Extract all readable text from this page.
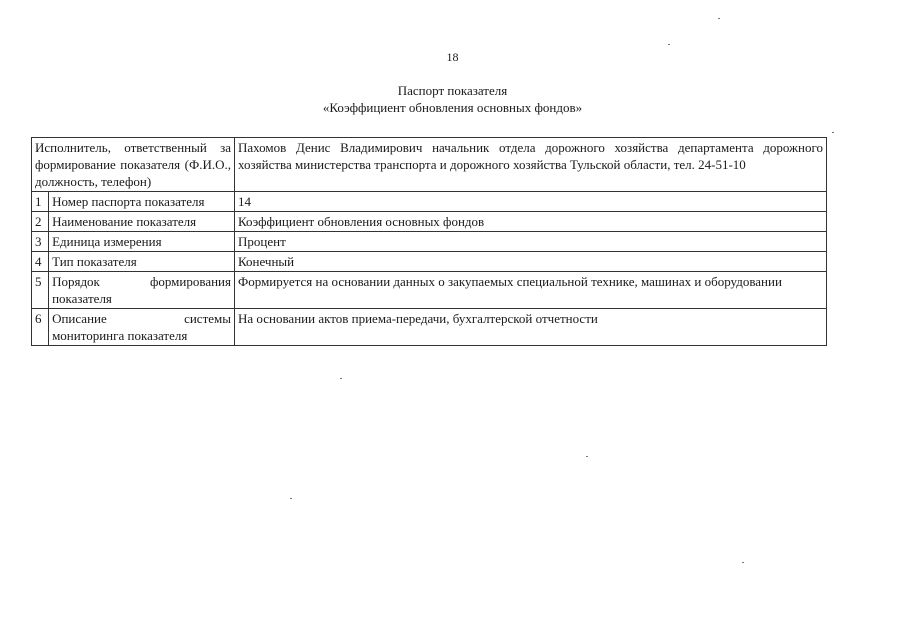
18
Паспорт показателя
«Коэффициент обновления основных фондов»
Исполнитель, ответственный за формирование показателя (Ф.И.О., должность, телефон)		Пахомов Денис Владимирович начальник отдела дорожного хозяйства департамента дорожного хозяйства министерства транспорта и дорожного хозяйства Тульской области, тел. 24-51-10
1	Номер паспорта показателя	14
2	Наименование показателя	Коэффициент обновления основных фондов
3	Единица измерения	Процент
4	Тип показателя	Конечный
5	Порядок формирования показателя	Формируется на основании данных о закупаемых специальной технике, машинах и оборудовании
6	Описание системы мониторинга показателя	На основании актов приема-передачи, бухгалтерской отчетности
